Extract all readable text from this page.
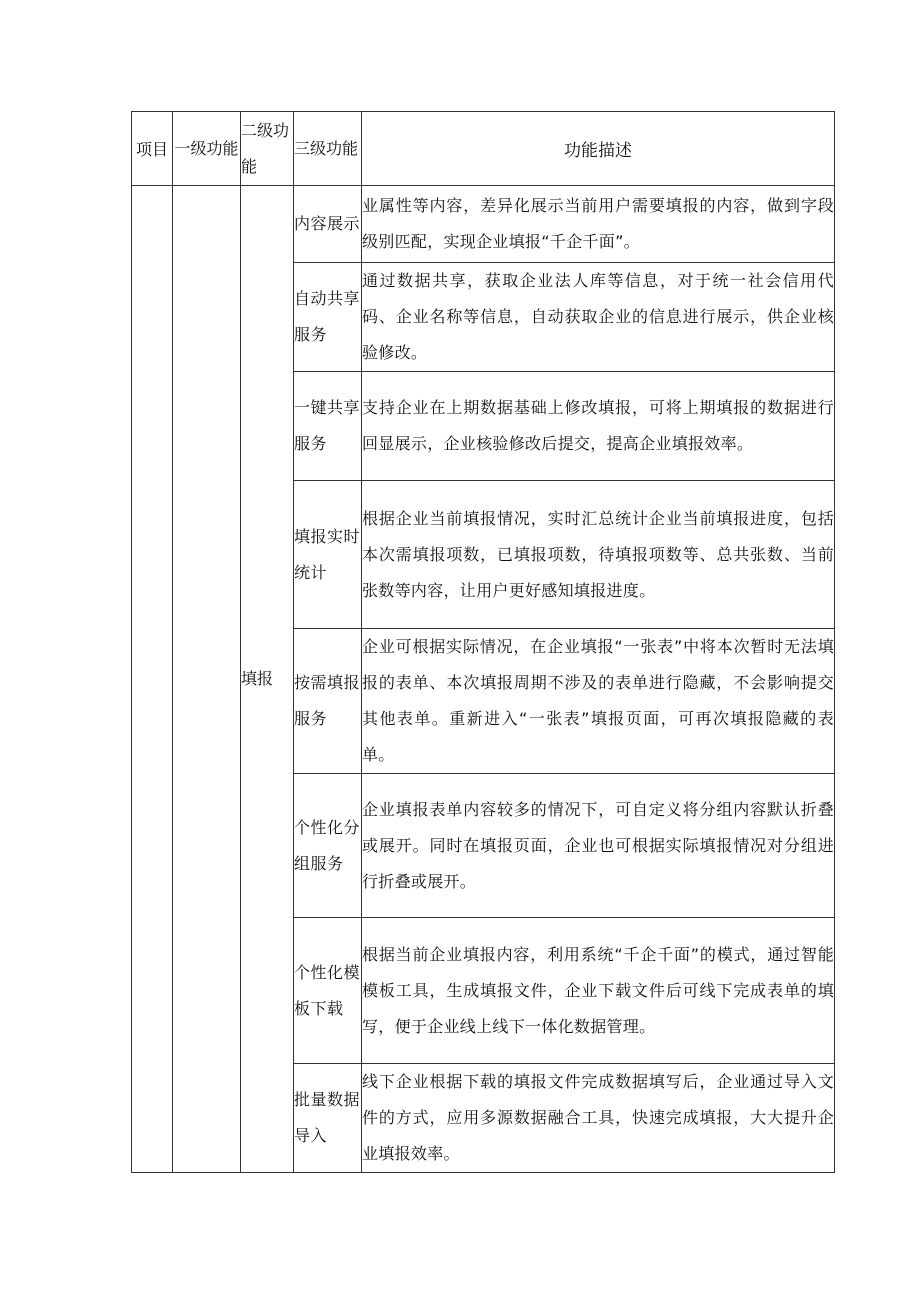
项目	一级功能	二级功能	三级功能	功能描述
		填报	内容展示	业属性等内容，差异化展示当前用户需要填报的内容，做到字段级别匹配，实现企业填报“千企千面”。
			自动共享服务	通过数据共享，获取企业法人库等信息，对于统一社会信用代码、企业名称等信息，自动获取企业的信息进行展示，供企业核验修改。
			一键共享服务	支持企业在上期数据基础上修改填报，可将上期填报的数据进行回显展示，企业核验修改后提交，提高企业填报效率。
			填报实时统计	根据企业当前填报情况，实时汇总统计企业当前填报进度，包括本次需填报项数，已填报项数，待填报项数等、总共张数、当前张数等内容，让用户更好感知填报进度。
			按需填报服务	企业可根据实际情况，在企业填报“一张表”中将本次暂时无法填报的表单、本次填报周期不涉及的表单进行隐藏，不会影响提交其他表单。重新进入“一张表”填报页面，可再次填报隐藏的表单。
			个性化分组服务	企业填报表单内容较多的情况下，可自定义将分组内容默认折叠或展开。同时在填报页面，企业也可根据实际填报情况对分组进行折叠或展开。
			个性化模板下载	根据当前企业填报内容，利用系统“千企千面”的模式，通过智能模板工具，生成填报文件，企业下载文件后可线下完成表单的填写，便于企业线上线下一体化数据管理。
			批量数据导入	线下企业根据下载的填报文件完成数据填写后，企业通过导入文件的方式，应用多源数据融合工具，快速完成填报，大大提升企业填报效率。
